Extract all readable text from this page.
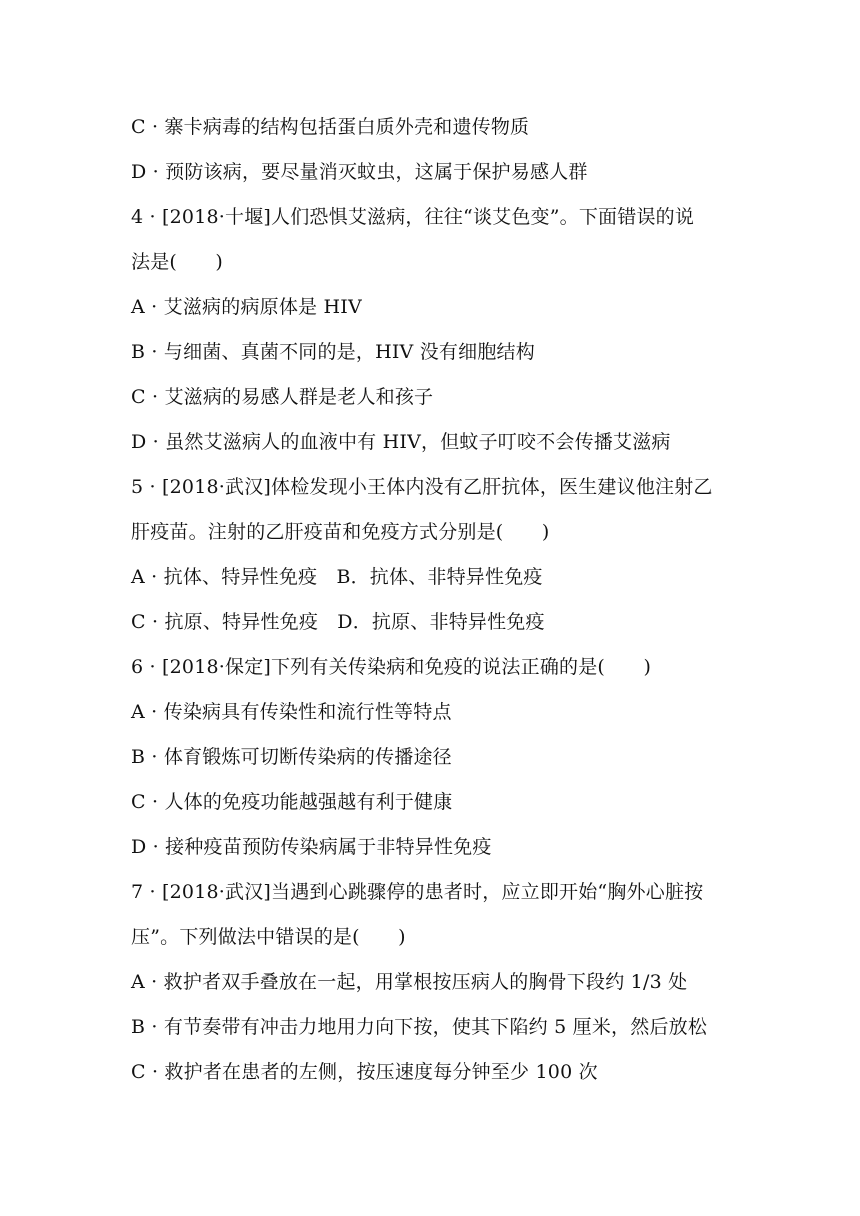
C · 寨卡病毒的结构包括蛋白质外壳和遗传物质
D · 预防该病，要尽量消灭蚊虫，这属于保护易感人群
4 · [2018·十堰]人们恐惧艾滋病，往往“谈艾色变”。下面错误的说
法是(　　)
A · 艾滋病的病原体是 HIV
B · 与细菌、真菌不同的是，HIV 没有细胞结构
C · 艾滋病的易感人群是老人和孩子
D · 虽然艾滋病人的血液中有 HIV，但蚊子叮咬不会传播艾滋病
5 · [2018·武汉]体检发现小王体内没有乙肝抗体，医生建议他注射乙
肝疫苗。注射的乙肝疫苗和免疫方式分别是(　　)
A · 抗体、特异性免疫　B．抗体、非特异性免疫
C · 抗原、特异性免疫　D．抗原、非特异性免疫
6 · [2018·保定]下列有关传染病和免疫的说法正确的是(　　)
A · 传染病具有传染性和流行性等特点
B · 体育锻炼可切断传染病的传播途径
C · 人体的免疫功能越强越有利于健康
D · 接种疫苗预防传染病属于非特异性免疫
7 · [2018·武汉]当遇到心跳骤停的患者时，应立即开始“胸外心脏按
压”。下列做法中错误的是(　　)
A · 救护者双手叠放在一起，用掌根按压病人的胸骨下段约 1/3 处
B · 有节奏带有冲击力地用力向下按，使其下陷约 5 厘米，然后放松
C · 救护者在患者的左侧，按压速度每分钟至少 100 次
